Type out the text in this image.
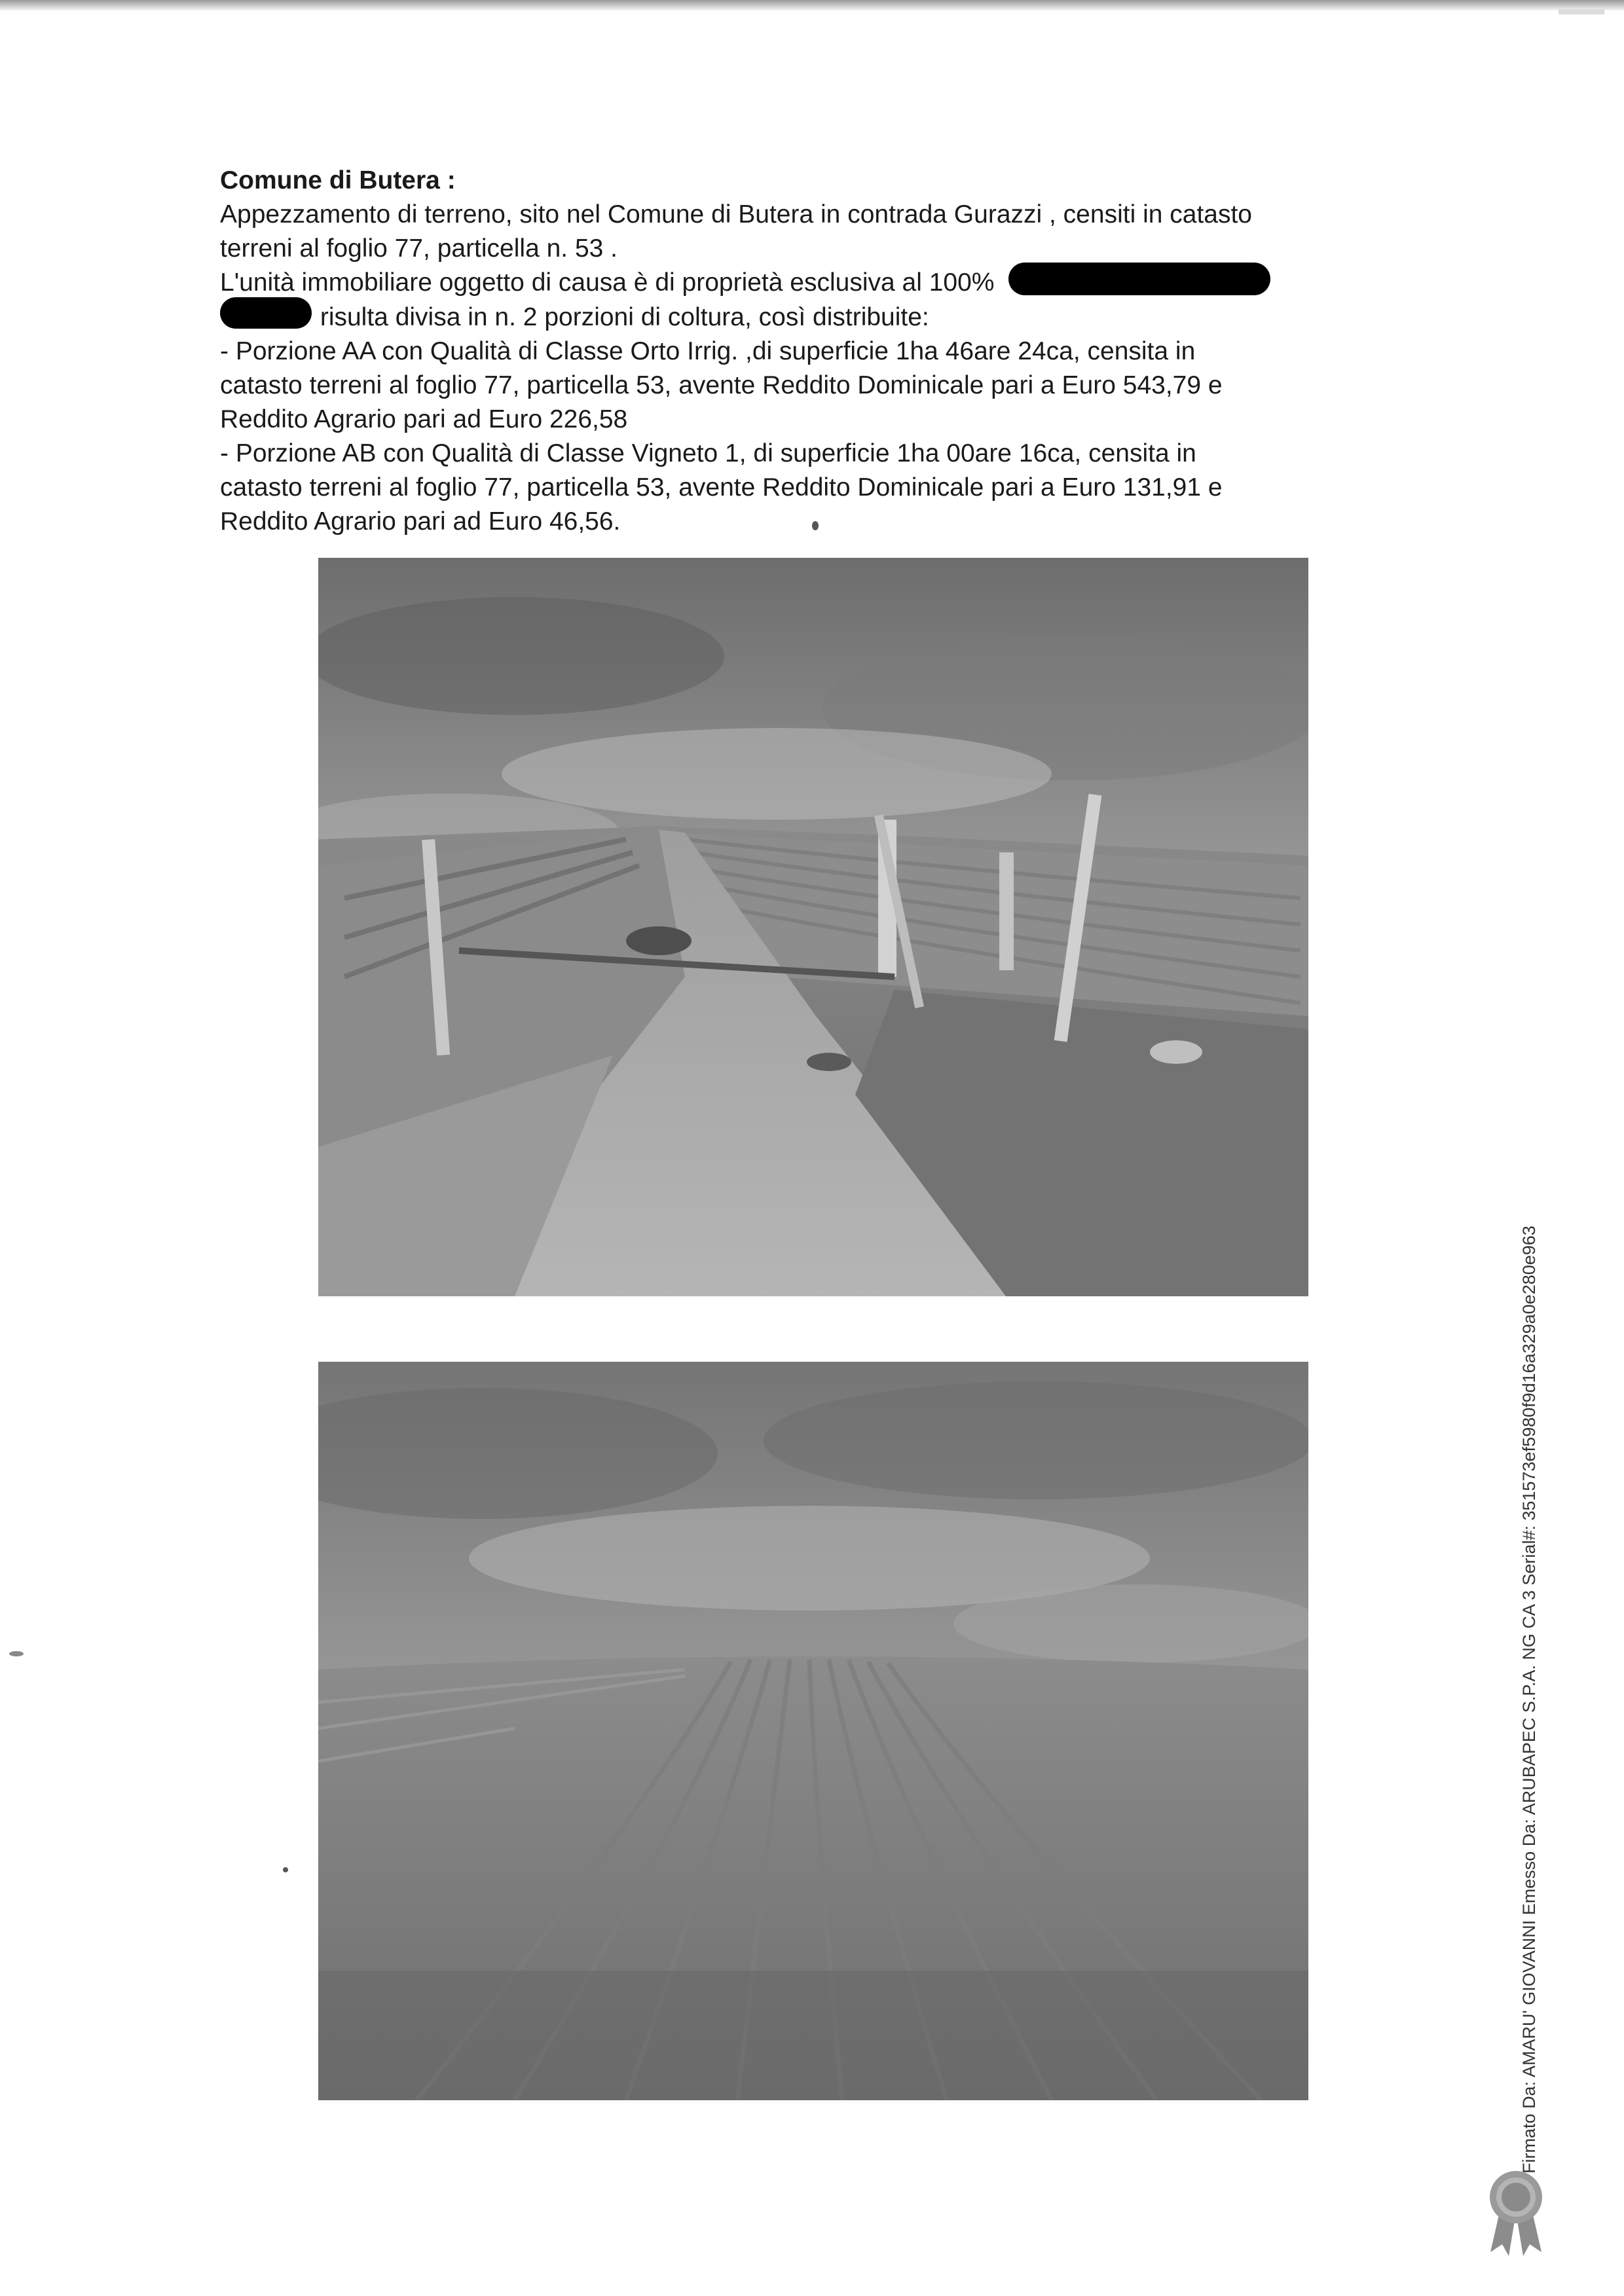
Comune di Butera :

Appezzamento di terreno, sito nel Comune di Butera in contrada Gurazzi , censiti in catasto

terreni al foglio 77, particella n. 53 .

L'unità immobiliare oggetto di causa è di proprietà esclusiva al 100%

risulta divisa in n. 2 porzioni di coltura, così distribuite:

- Porzione AA con Qualità di Classe Orto Irrig. ,di superficie 1ha 46are 24ca, censita in

catasto terreni al foglio 77, particella 53, avente Reddito Dominicale pari a Euro 543,79 e

Reddito Agrario pari ad Euro 226,58

- Porzione AB con Qualità di Classe Vigneto 1, di superficie 1ha 00are 16ca, censita in

catasto terreni al foglio 77, particella 53, avente Reddito Dominicale pari a Euro 131,91 e

Reddito Agrario pari ad Euro 46,56.

Firmato Da: AMARU' GIOVANNI Emesso Da: ARUBAPEC S.P.A. NG CA 3 Serial#: 351573ef5980f9d16a329a0e280e963
